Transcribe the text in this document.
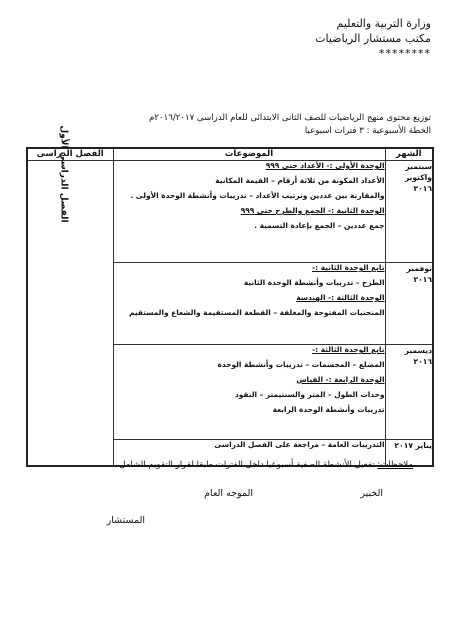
وزارة التربية والتعليم
مكتب مستشار الرياضيات
********
توزيع محتوى منهج الرياضيات للصف الثانى الابتدائى للعام الدراسى ٢٠١٦/٢٠١٧م
الخطة الأسبوعية : ٣ فترات اسبوعيا
الشهر	الموضوعات	الفصل الدراسى
سبتمبر واكتوبر ٢٠١٦	الوحدة الأولى :- الأعداد حتى ٩٩٩
الأعداد المكونة من ثلاثة أرقام – القيمة المكانية
والمقارنة بين عددين وترتيب الأعداد – تدريبات وأنشطة الوحدة الأولى .
الوحدة الثانية :- الجمع والطرح حتى ٩٩٩
جمع عددين – الجمع بإعادة التسمية .	الفصل الدراسى الأول
نوفمبر ٢٠١٦	تابع الوحدة الثانية :-
الطرح – تدريبات وأنشطة الوحدة الثانية
الوحدة الثالثة :- الهندسة
المنحنيات المفتوحة والمغلقة – القطعة المستقيمة والشعاع والمستقيم	

ديسمبر ٢٠١٦	تابع الوحدة الثالثة :-
المضلع – المجسمات – تدريبات وأنشطة الوحدة
الوحدة الرابعة :- القياس
وحدات الطول – المتر والسنتيمتر – النقود
تدريبات وأنشطة الوحدة الرابعة	

يناير ٢٠١٧	التدريبات العامة – مراجعة على الفصل الدراسى	
ملاحظات: تفعيل الأنشطة الصفية أسبوعيا داخل الفترات طبقا لقرار التقويم الشامل
الخبير
الموجه العام
المستشار
